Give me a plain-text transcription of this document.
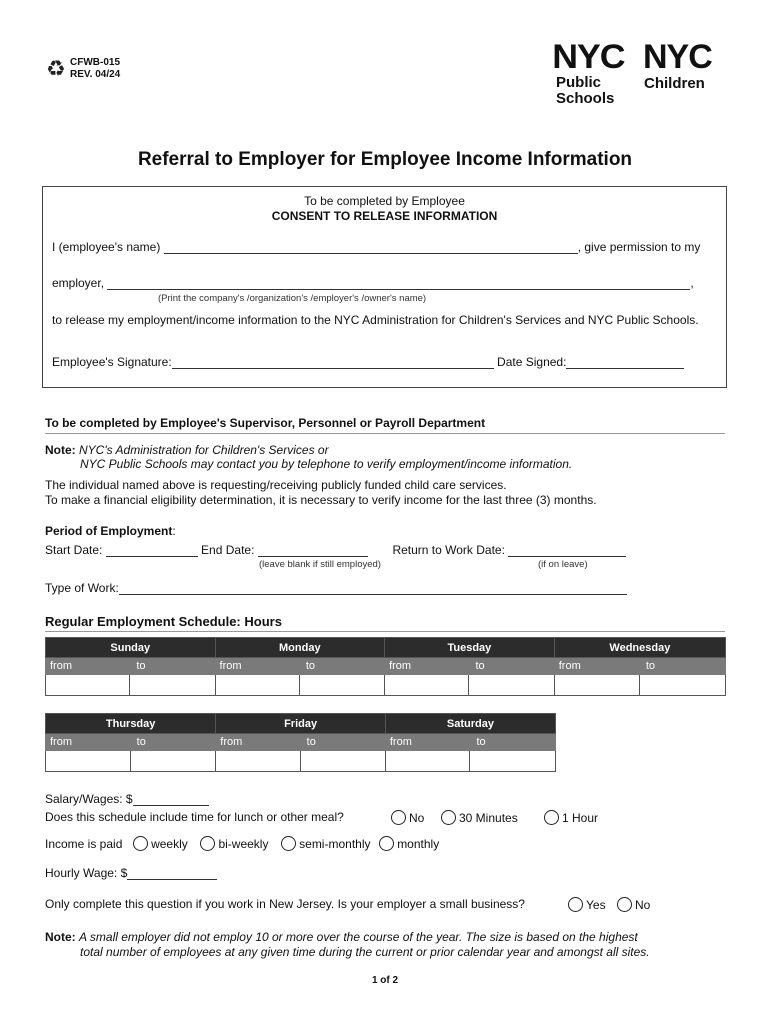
♻ CFWB-015
REV. 04/24	NYC
Public
Schools
NYC
Children
Referral to Employer for Employee Income Information
To be completed by Employee
CONSENT TO RELEASE INFORMATION
I (employee's name)	, give permission to my
employer,	,
(Print the company's /organization's /employer's /owner's name)
to release my employment/income information to the NYC Administration for Children's Services and NYC Public Schools.
Employee's Signature:	Date Signed:
To be completed by Employee's Supervisor, Personnel or Payroll Department
Note: NYC's Administration for Children's Services or
NYC Public Schools may contact you by telephone to verify employment/income information.
The individual named above is requesting/receiving publicly funded child care services.
To make a financial eligibility determination, it is necessary to verify income for the last three (3) months.
Period of Employment:
Start Date:	End Date:	Return to Work Date:
(leave blank if still employed)	(if on leave)
Type of Work:
Regular Employment Schedule: Hours
Sunday		Monday		Tuesday		Wednesday	
from	to	from	to	from	to	from	to

Thursday		Friday		Saturday	
from	to	from	to	from	to

Salary/Wages: $
Does this schedule include time for lunch or other meal?	No	30 Minutes	1 Hour
Income is paid weekly	bi-weekly	semi-monthly monthly
Hourly Wage: $
Only complete this question if you work in New Jersey. Is your employer a small business?	Yes	No
Note: A small employer did not employ 10 or more over the course of the year. The size is based on the highest
total number of employees at any given time during the current or prior calendar year and amongst all sites.
1 of 2
